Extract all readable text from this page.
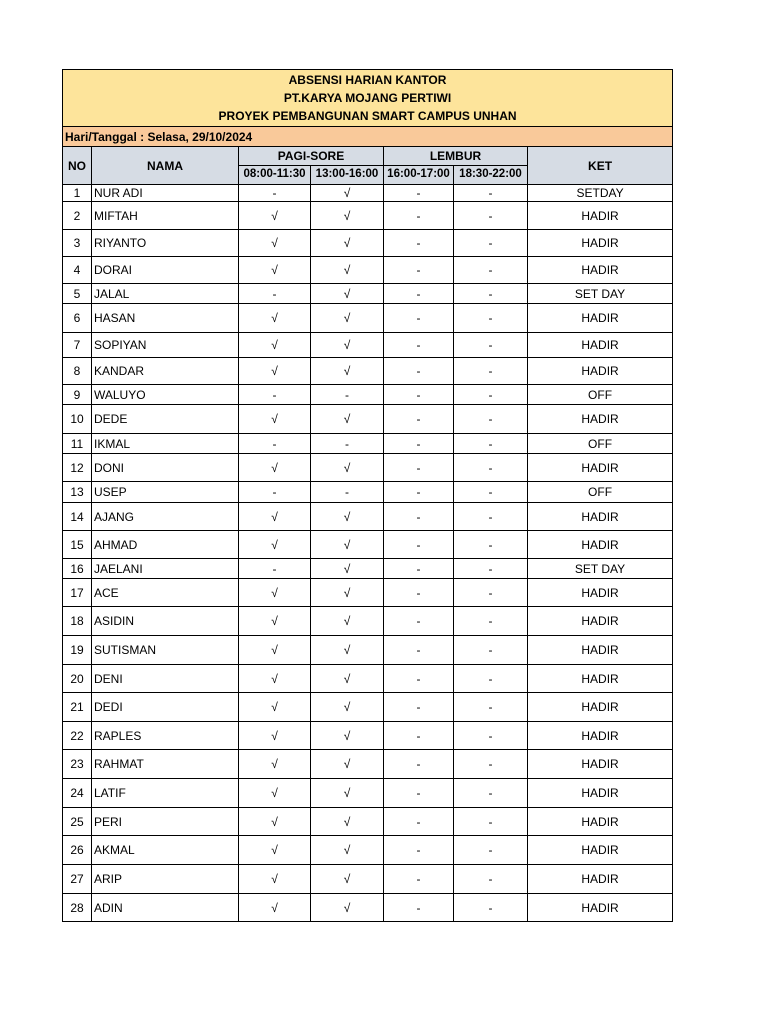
ABSENSI HARIAN KANTOR
PT.KARYA MOJANG PERTIWI
PROYEK PEMBANGUNAN SMART CAMPUS UNHAN						

Hari/Tanggal : Selasa, 29/10/2024						
NO	NAMA	PAGI-SORE		LEMBUR		KET
		08:00-11:30	13:00-16:00	16:00-17:00	18:30-22:00	
1	NUR ADI	-	√	-	-	SETDAY
2	MIFTAH	√	√	-	-	HADIR
3	RIYANTO	√	√	-	-	HADIR
4	DORAI	√	√	-	-	HADIR
5	JALAL	-	√	-	-	SET DAY
6	HASAN	√	√	-	-	HADIR
7	SOPIYAN	√	√	-	-	HADIR
8	KANDAR	√	√	-	-	HADIR
9	WALUYO	-	-	-	-	OFF
10	DEDE	√	√	-	-	HADIR
11	IKMAL	-	-	-	-	OFF
12	DONI	√	√	-	-	HADIR
13	USEP	-	-	-	-	OFF
14	AJANG	√	√	-	-	HADIR
15	AHMAD	√	√	-	-	HADIR
16	JAELANI	-	√	-	-	SET DAY
17	ACE	√	√	-	-	HADIR
18	ASIDIN	√	√	-	-	HADIR
19	SUTISMAN	√	√	-	-	HADIR
20	DENI	√	√	-	-	HADIR
21	DEDI	√	√	-	-	HADIR
22	RAPLES	√	√	-	-	HADIR
23	RAHMAT	√	√	-	-	HADIR
24	LATIF	√	√	-	-	HADIR
25	PERI	√	√	-	-	HADIR
26	AKMAL	√	√	-	-	HADIR
27	ARIP	√	√	-	-	HADIR
28	ADIN	√	√	-	-	HADIR
